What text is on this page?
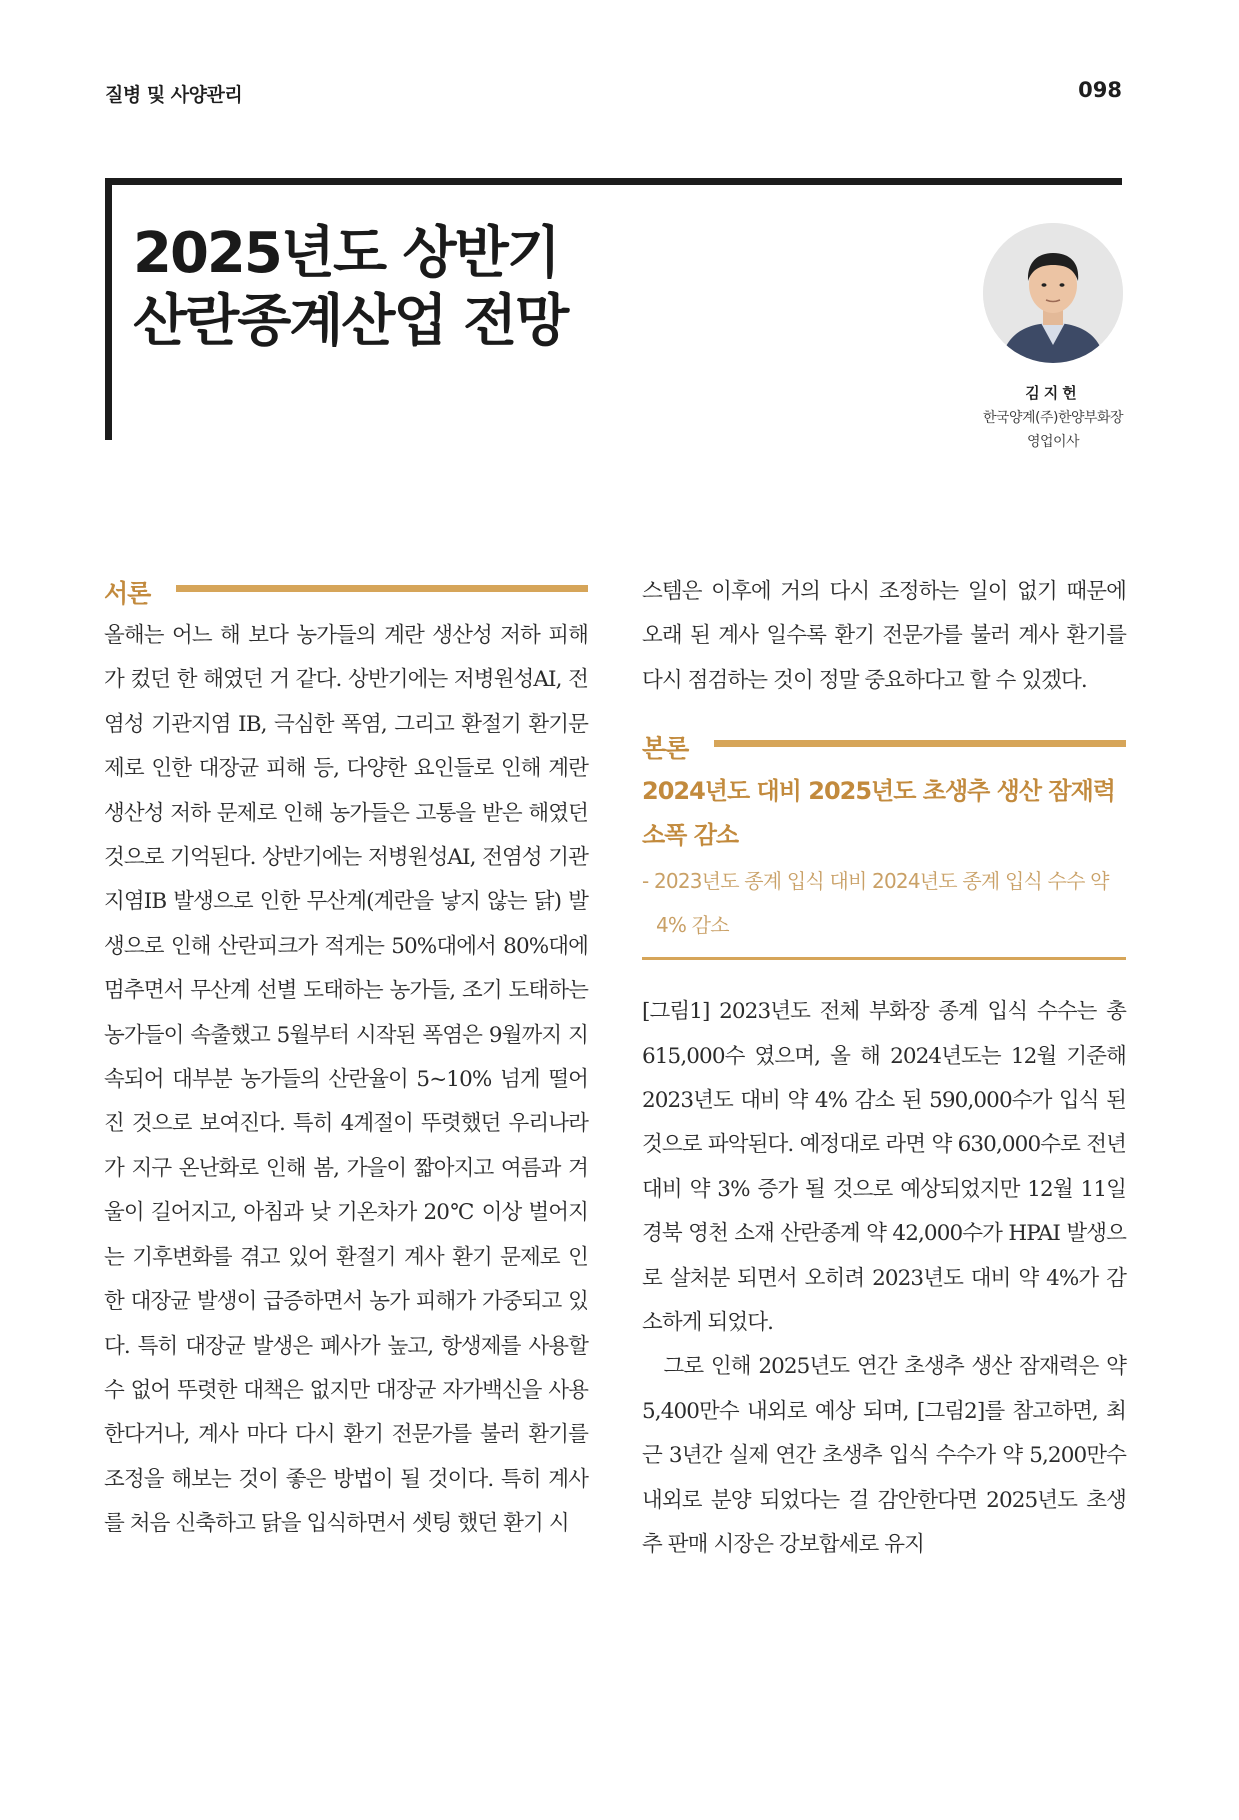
질병 및 사양관리	098
2025년도 상반기
산란종계산업 전망
김지헌
한국양계(주)한양부화장
영업이사
서론

올해는 어느 해 보다 농가들의 계란 생산성 저하 피해가 컸던 한 해였던 거 같다. 상반기에는 저병원성AI, 전염성 기관지염 IB, 극심한 폭염, 그리고 환절기 환기문제로 인한 대장균 피해 등, 다양한 요인들로 인해 계란 생산성 저하 문제로 인해 농가들은 고통을 받은 해였던 것으로 기억된다. 상반기에는 저병원성AI, 전염성 기관지염IB 발생으로 인한 무산계(계란을 낳지 않는 닭) 발생으로 인해 산란피크가 적게는 50%대에서 80%대에 멈추면서 무산계 선별 도태하는 농가들, 조기 도태하는 농가들이 속출했고 5월부터 시작된 폭염은 9월까지 지속되어 대부분 농가들의 산란율이 5~10% 넘게 떨어진 것으로 보여진다. 특히 4계절이 뚜렷했던 우리나라가 지구 온난화로 인해 봄, 가을이 짧아지고 여름과 겨울이 길어지고, 아침과 낮 기온차가 20℃ 이상 벌어지는 기후변화를 겪고 있어 환절기 계사 환기 문제로 인한 대장균 발생이 급증하면서 농가 피해가 가중되고 있다. 특히 대장균 발생은 폐사가 높고, 항생제를 사용할 수 없어 뚜렷한 대책은 없지만 대장균 자가백신을 사용한다거나, 계사 마다 다시 환기 전문가를 불러 환기를 조정을 해보는 것이 좋은 방법이 될 것이다. 특히 계사를 처음 신축하고 닭을 입식하면서 셋팅 했던 환기 시

스템은 이후에 거의 다시 조정하는 일이 없기 때문에 오래 된 계사 일수록 환기 전문가를 불러 계사 환기를 다시 점검하는 것이 정말 중요하다고 할 수 있겠다.

본론

2024년도 대비 2025년도 초생추 생산 잠재력 소폭 감소

- 2023년도 종계 입식 대비 2024년도 종계 입식 수수 약 4% 감소

[그림1] 2023년도 전체 부화장 종계 입식 수수는 총 615,000수 였으며, 올 해 2024년도는 12월 기준해 2023년도 대비 약 4% 감소 된 590,000수가 입식 된 것으로 파악된다. 예정대로 라면 약 630,000수로 전년 대비 약 3% 증가 될 것으로 예상되었지만 12월 11일 경북 영천 소재 산란종계 약 42,000수가 HPAI 발생으로 살처분 되면서 오히려 2023년도 대비 약 4%가 감소하게 되었다.

그로 인해 2025년도 연간 초생추 생산 잠재력은 약 5,400만수 내외로 예상 되며, [그림2]를 참고하면, 최근 3년간 실제 연간 초생추 입식 수수가 약 5,200만수 내외로 분양 되었다는 걸 감안한다면 2025년도 초생추 판매 시장은 강보합세로 유지
